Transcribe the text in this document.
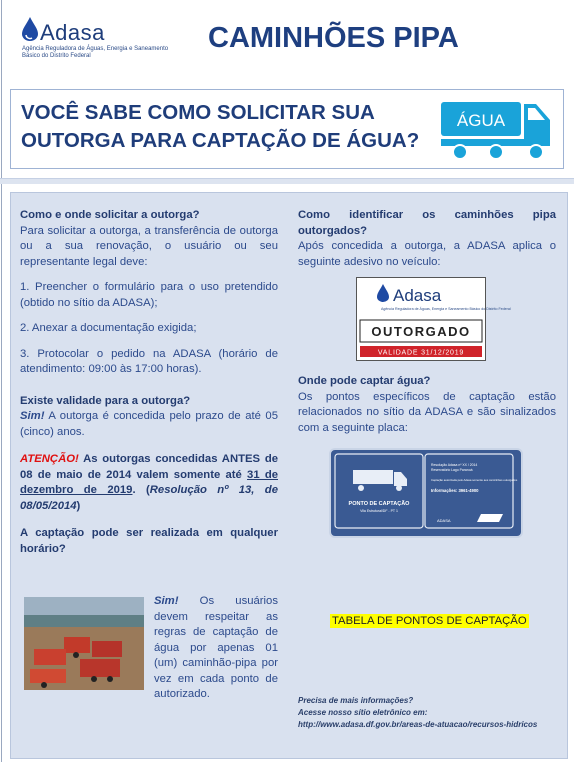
Adasa
Agência Reguladora de Águas, Energia e Saneamento Básico do Distrito Federal
CAMINHÕES PIPA
VOCÊ SABE COMO SOLICITAR SUA
OUTORGA PARA CAPTAÇÃO DE ÁGUA?
ÁGUA

Como e onde solicitar a outorga?

Para solicitar a outorga, a transferência de outorga ou a sua renovação, o usuário ou seu representante legal deve:

1. Preencher o formulário para o uso pretendido (obtido no sítio da ADASA);

2. Anexar a documentação exigida;

3. Protocolar o pedido na ADASA (horário de atendimento: 09:00 às 17:00 horas).

Existe validade para a outorga?

Sim! A outorga é concedida pelo prazo de até 05 (cinco) anos.

ATENÇÃO! As outorgas concedidas ANTES de 08 de maio de 2014 valem somente até 31 de dezembro de 2019. (Resolução nº 13, de 08/05/2014)

A captação pode ser realizada em qualquer horário?

Sim! Os usuários devem respeitar as regras de captação de água por apenas 01 (um) caminhão-pipa por vez em cada ponto de autorizado.

Como identificar os caminhões pipa outorgados?

Após concedida a outorga, a ADASA aplica o seguinte adesivo no veículo:

Adasa
Agência Reguladora de Águas, Energia e Saneamento Básico do Distrito Federal
OUTORGADO
VALIDADE 31/12/2019

Onde pode captar água?

Os pontos específicos de captação estão relacionados no sítio da ADASA e são sinalizados com a seguinte placa:

PONTO DE CAPTAÇÃO
Vila Estrutural/DF - PT 1
Resolução Adasa nº XX / 2014
Reservatório Lago Paranoá
Captação autorizada pelo Adasa somente aos caminhões outorgados
Informações: 3961-4900
ADASA
TABELA DE PONTOS DE CAPTAÇÃO
Precisa de mais informações?
Acesse nosso sítio eletrônico em:
http://www.adasa.df.gov.br/areas-de-atuacao/recursos-hidricos
